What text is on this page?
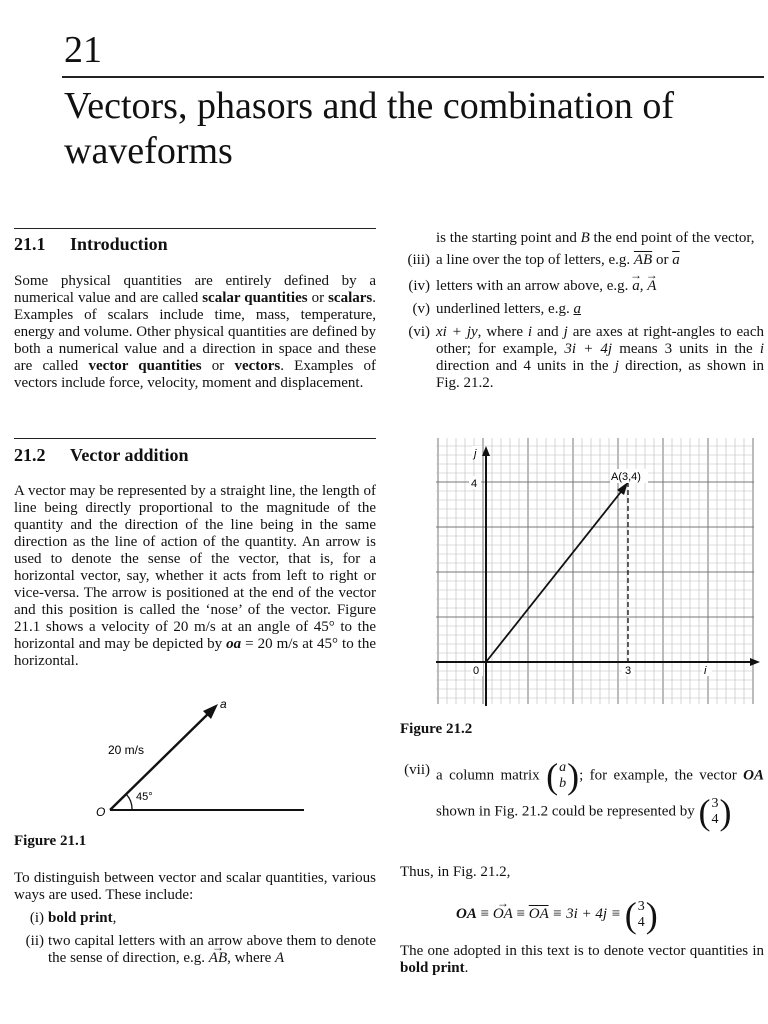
21
Vectors, phasors and the combination of waveforms
21.1 Introduction
Some physical quantities are entirely defined by a numerical value and are called scalar quantities or scalars. Examples of scalars include time, mass, temperature, energy and volume. Other physical quantities are defined by both a numerical value and a direction in space and these are called vector quantities or vectors. Examples of vectors include force, velocity, moment and displacement.
21.2 Vector addition
A vector may be represented by a straight line, the length of line being directly proportional to the magnitude of the quantity and the direction of the line being in the same direction as the line of action of the quantity. An arrow is used to denote the sense of the vector, that is, for a horizontal vector, say, whether it acts from left to right or vice-versa. The arrow is positioned at the end of the vector and this position is called the ‘nose’ of the vector. Figure 21.1 shows a velocity of 20 m/s at an angle of 45° to the horizontal and may be depicted by oa = 20 m/s at 45° to the horizontal.
a
O
20 m/s
45°
Figure 21.1
To distinguish between vector and scalar quantities, various ways are used. These include:
(i) bold print,
(ii) two capital letters with an arrow above them to denote the sense of direction, e.g. → AB, where A
is the starting point and B the end point of the vector,
(iii) a line over the top of letters, e.g. $\overline{AB}$ or $\overline{a}$
(iv) letters with an arrow above, e.g. → a, → A
(v) underlined letters, e.g. a
(vi) xi + jy, where i and j are axes at right-angles to each other; for example, 3i + 4j means 3 units in the i direction and 4 units in the j direction, as shown in Fig. 21.2.
A(3,4)
4
3
0
j
i
Figure 21.2
(vii) a column matrix ( a
b ) ; for example, the vector OA shown in Fig. 21.2 could be represented by ( 3
4 )
Thus, in Fig. 21.2,
OA ≡ → OA ≡ $\overline{OA} \equiv 3i + 4j$ ≡ ( 3
4 )
The one adopted in this text is to denote vector quantities in bold print.
